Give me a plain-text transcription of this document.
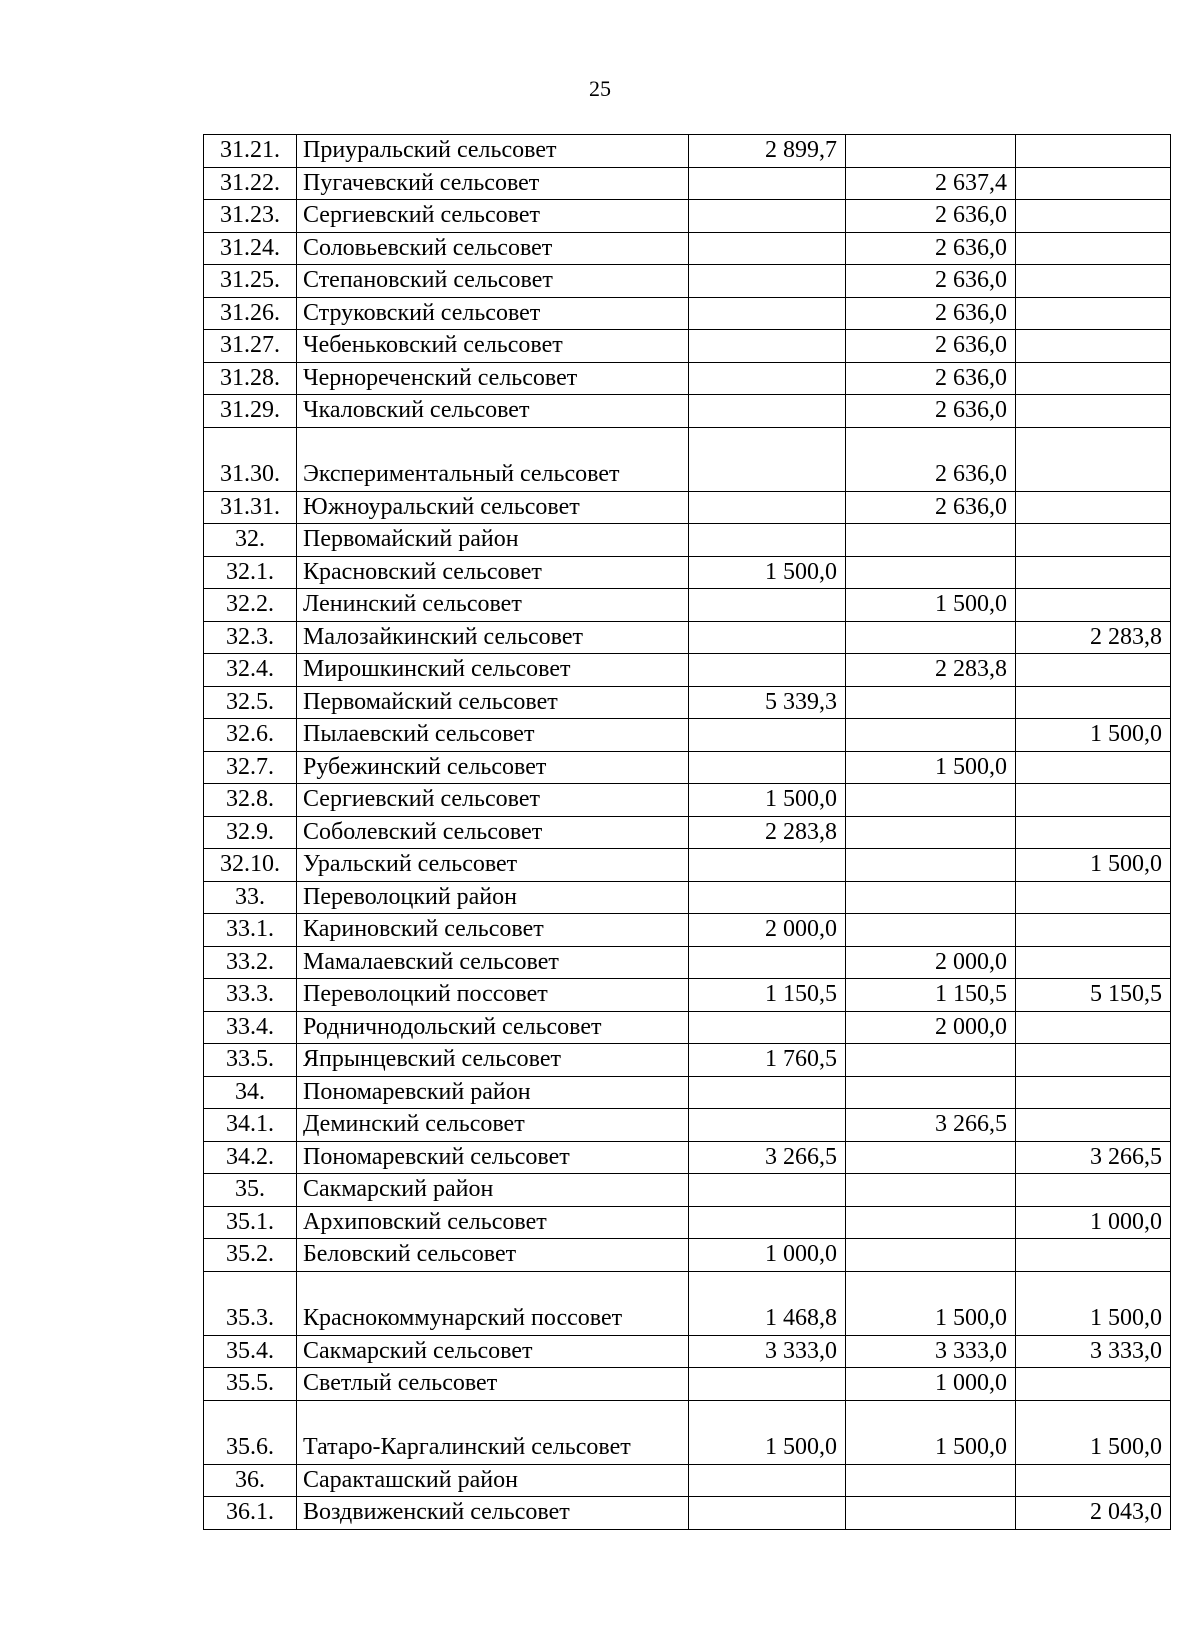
25
31.21.	Приуральский сельсовет	2 899,7		
31.22.	Пугачевский сельсовет		2 637,4	
31.23.	Сергиевский сельсовет		2 636,0	
31.24.	Соловьевский сельсовет		2 636,0	
31.25.	Степановский сельсовет		2 636,0	
31.26.	Струковский сельсовет		2 636,0	
31.27.	Чебеньковский сельсовет		2 636,0	
31.28.	Чернореченский сельсовет		2 636,0	
31.29.	Чкаловский сельсовет		2 636,0	
31.30.	Экспериментальный сельсовет		2 636,0	
31.31.	Южноуральский сельсовет		2 636,0	
32.	Первомайский район			
32.1.	Красновский сельсовет	1 500,0		
32.2.	Ленинский сельсовет		1 500,0	
32.3.	Малозайкинский сельсовет			2 283,8
32.4.	Мирошкинский сельсовет		2 283,8	
32.5.	Первомайский сельсовет	5 339,3		
32.6.	Пылаевский сельсовет			1 500,0
32.7.	Рубежинский сельсовет		1 500,0	
32.8.	Сергиевский сельсовет	1 500,0		
32.9.	Соболевский сельсовет	2 283,8		
32.10.	Уральский сельсовет			1 500,0
33.	Переволоцкий район			
33.1.	Кариновский сельсовет	2 000,0		
33.2.	Мамалаевский сельсовет		2 000,0	
33.3.	Переволоцкий поссовет	1 150,5	1 150,5	5 150,5
33.4.	Родничнодольский сельсовет		2 000,0	
33.5.	Япрынцевский сельсовет	1 760,5		
34.	Пономаревский район			
34.1.	Деминский сельсовет		3 266,5	
34.2.	Пономаревский сельсовет	3 266,5		3 266,5
35.	Сакмарский район			
35.1.	Архиповский сельсовет			1 000,0
35.2.	Беловский сельсовет	1 000,0		
35.3.	Краснокоммунарский поссовет	1 468,8	1 500,0	1 500,0
35.4.	Сакмарский сельсовет	3 333,0	3 333,0	3 333,0
35.5.	Светлый сельсовет		1 000,0	
35.6.	Татаро-Каргалинский сельсовет	1 500,0	1 500,0	1 500,0
36.	Саракташский район			
36.1.	Воздвиженский сельсовет			2 043,0
